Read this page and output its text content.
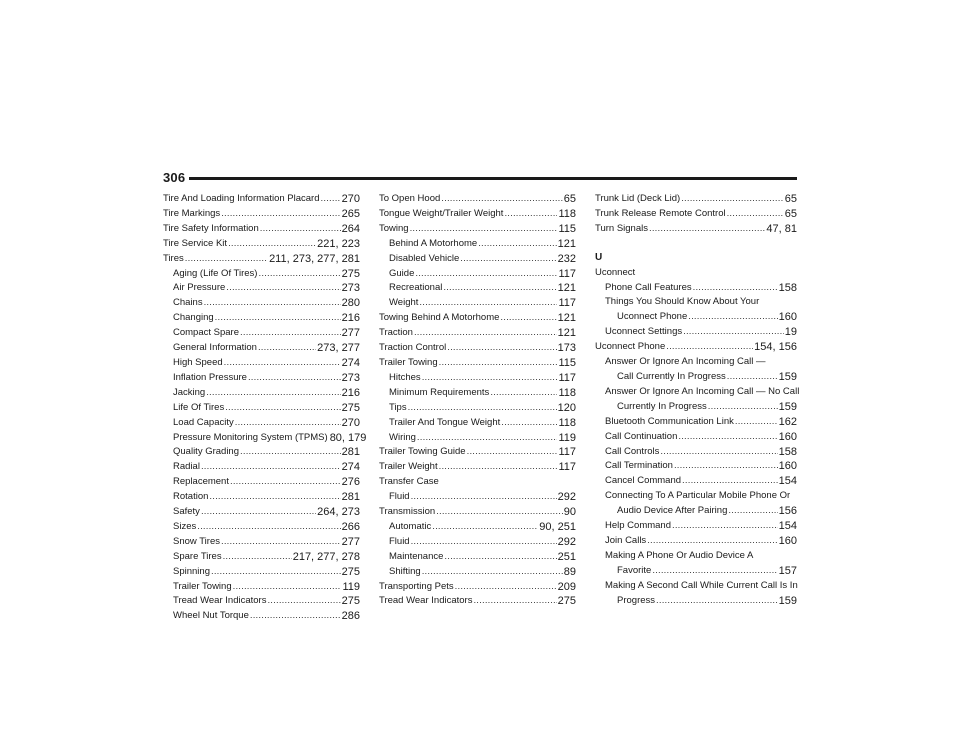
306
Tire And Loading Information Placard ..... 270
Tire Markings .....	265
Tire Safety Information .....	264
Tire Service Kit .....	221, 223
Tires .....	211, 273, 277, 281
Aging (Life Of Tires) .....	275
Air Pressure .....	273
Chains .....	280
Changing .....	216
Compact Spare .....	277
General Information .....	273, 277
High Speed .....	274
Inflation Pressure .....	273
Jacking .....	216
Life Of Tires .....	275
Load Capacity .....	270
Pressure Monitoring System (TPMS) 80, 179
Quality Grading .....	281
Radial .....	274
Replacement .....	276
Rotation .....	281
Safety .....	264, 273
Sizes .....	266
Snow Tires .....	277
Spare Tires .....	217, 277, 278
Spinning .....	275
Trailer Towing .....	119
Tread Wear Indicators .....	275
Wheel Nut Torque .....	286
To Open Hood .....	65
Tongue Weight/Trailer Weight .....	118
Towing .....	115
Behind A Motorhome .....	121
Disabled Vehicle .....	232
Guide .....	117
Recreational .....	121
Weight .....	117
Towing Behind A Motorhome .....	121
Traction .....	121
Traction Control .....	173
Trailer Towing .....	115
Hitches .....	117
Minimum Requirements .....	118
Tips .....	120
Trailer And Tongue Weight .....	118
Wiring .....	119
Trailer Towing Guide .....	117
Trailer Weight .....	117
Transfer Case
Fluid .....	292
Transmission .....	90
Automatic .....	90, 251
Fluid .....	292
Maintenance .....	251
Shifting .....	89
Transporting Pets .....	209
Tread Wear Indicators .....	275
Trunk Lid (Deck Lid) .....	65
Trunk Release Remote Control .....	65
Turn Signals .....	47, 81
U
Uconnect
Phone Call Features .....	158
Things You Should Know About Your
Uconnect Phone .....	160
Uconnect Settings .....	19
Uconnect Phone .....	154, 156
Answer Or Ignore An Incoming Call —
Call Currently In Progress .....	159
Answer Or Ignore An Incoming Call — No Call
Currently In Progress .....	159
Bluetooth Communication Link .....	162
Call Continuation .....	160
Call Controls .....	158
Call Termination .....	160
Cancel Command .....	154
Connecting To A Particular Mobile Phone Or
Audio Device After Pairing .....	156
Help Command .....	154
Join Calls .....	160
Making A Phone Or Audio Device A
Favorite .....	157
Making A Second Call While Current Call Is In
Progress .....	159
